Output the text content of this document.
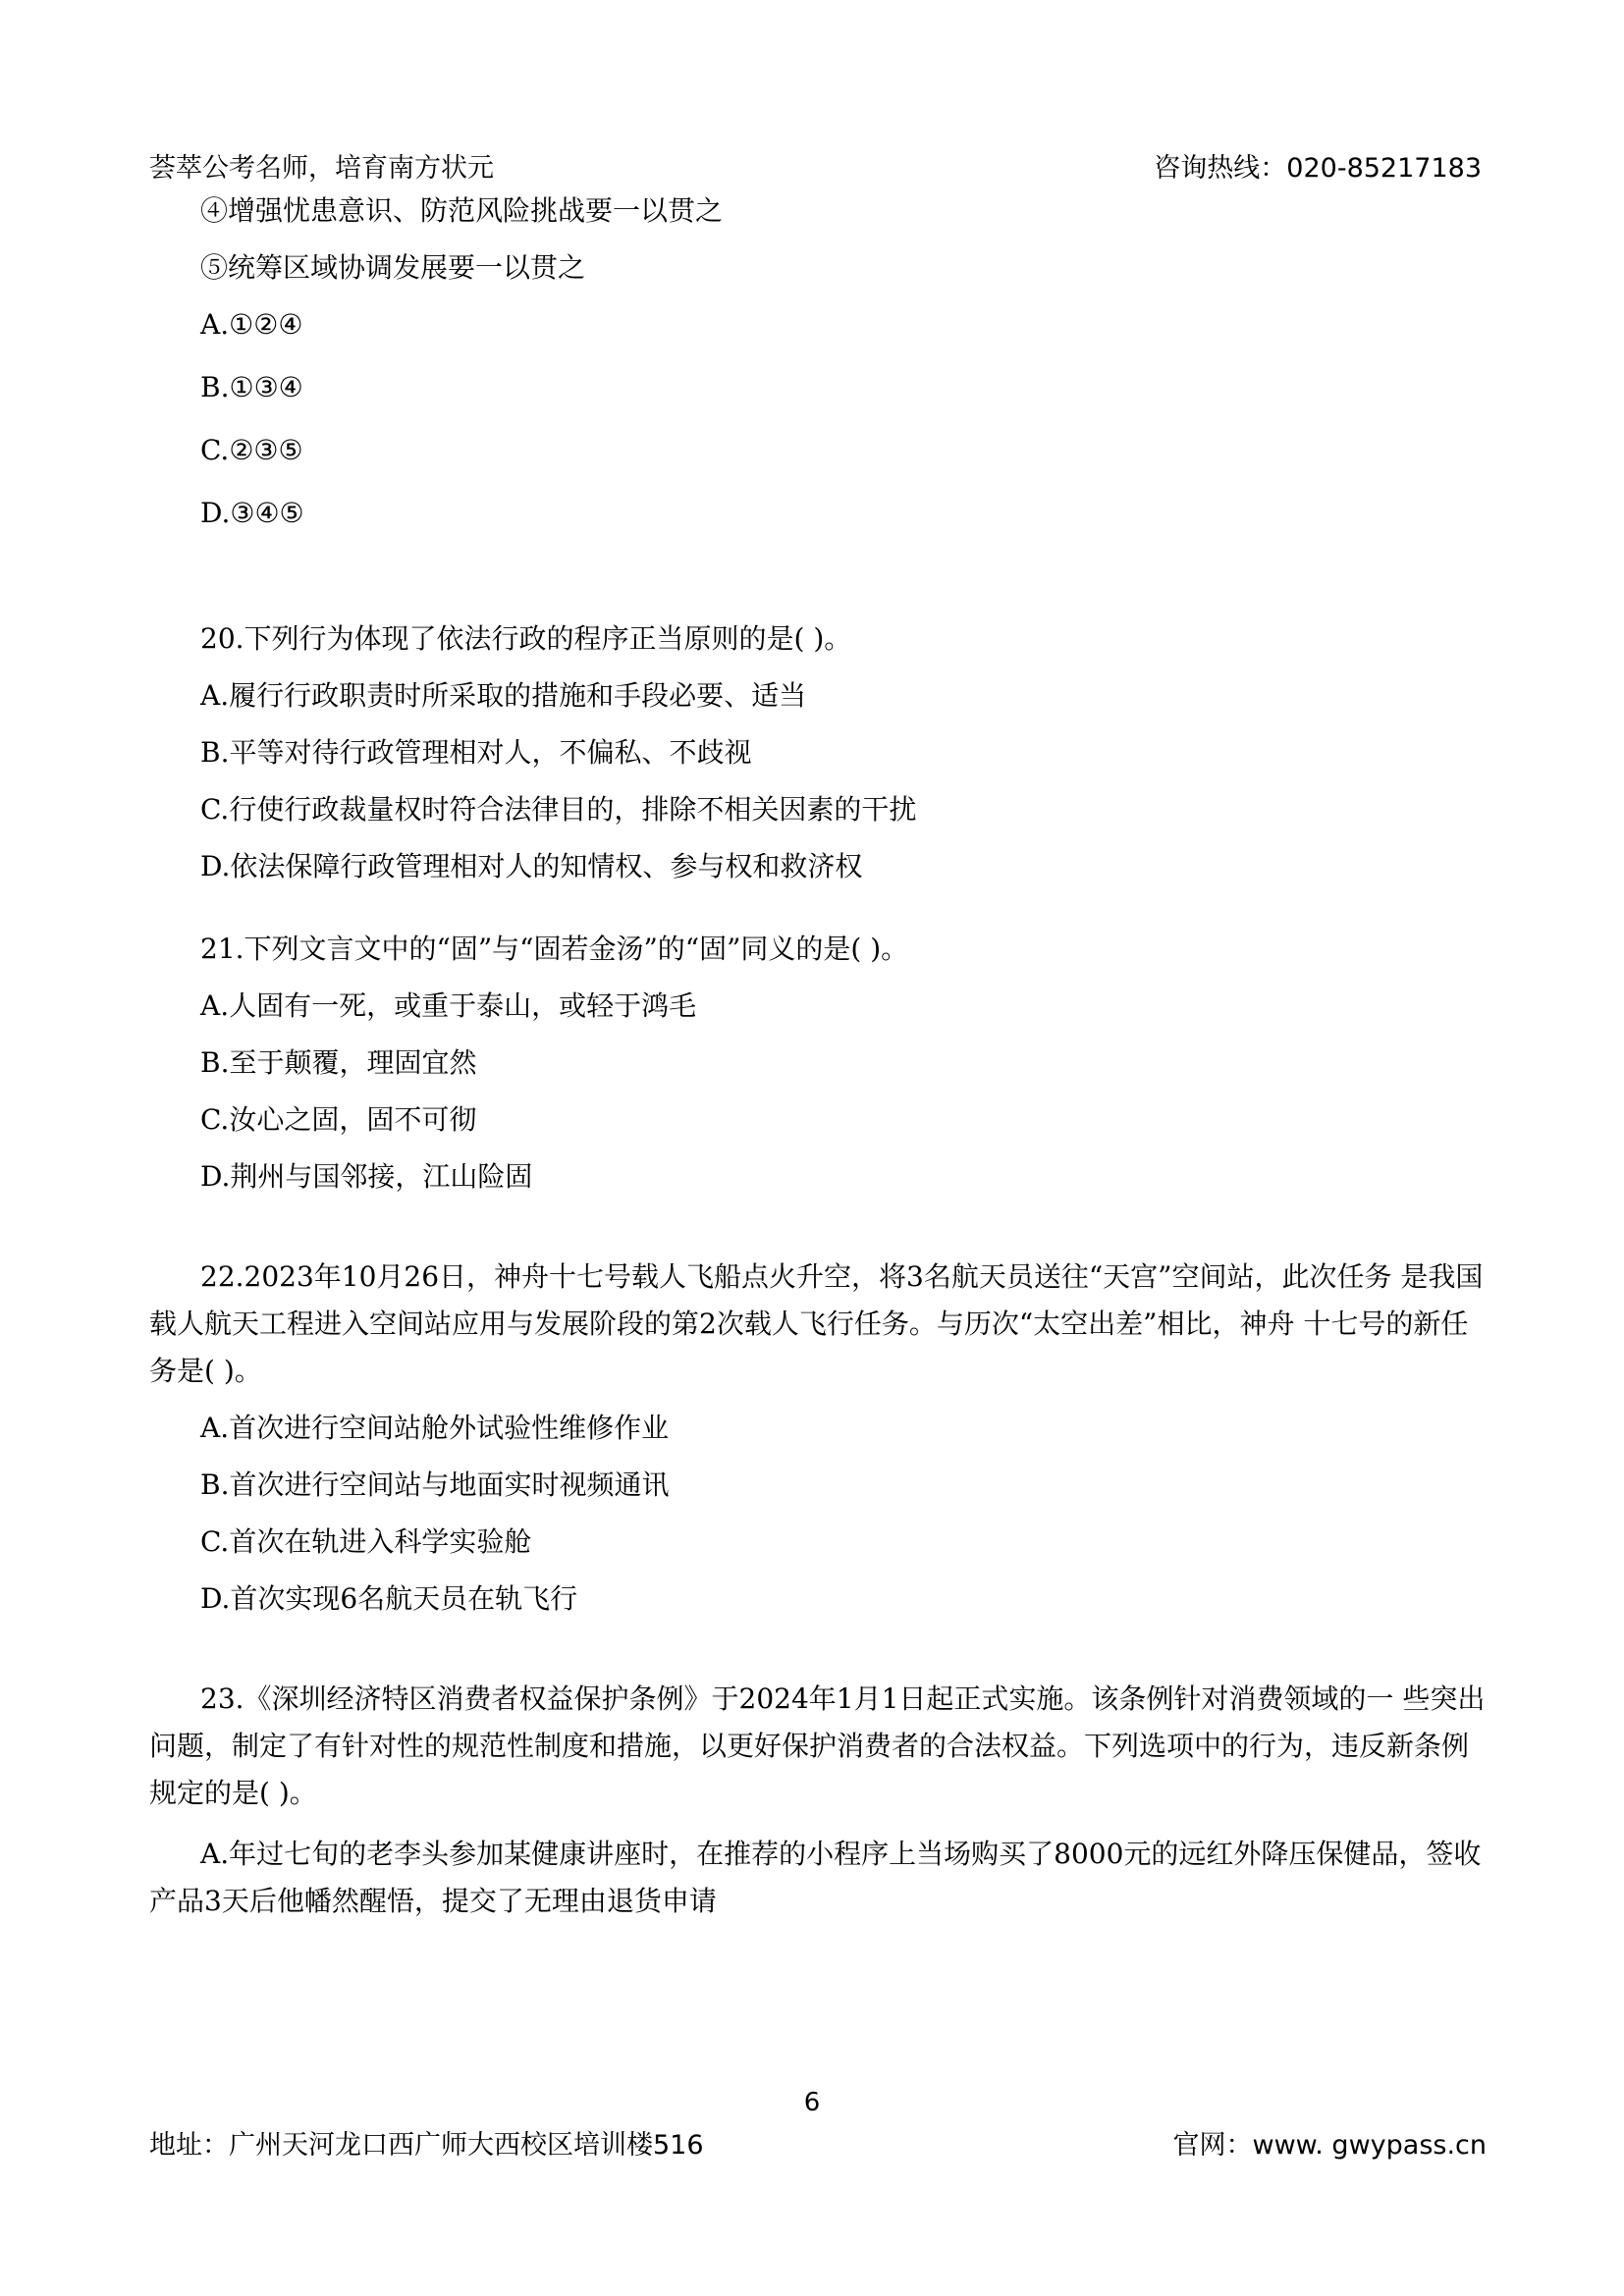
荟萃公考名师，培育南方状元	咨询热线：020-85217183
④增强忧患意识、防范风险挑战要一以贯之
⑤统筹区域协调发展要一以贯之
A.①②④
B.①③④
C.②③⑤
D.③④⑤
20.下列行为体现了依法行政的程序正当原则的是( )。
A.履行行政职责时所采取的措施和手段必要、适当
B.平等对待行政管理相对人，不偏私、不歧视
C.行使行政裁量权时符合法律目的，排除不相关因素的干扰
D.依法保障行政管理相对人的知情权、参与权和救济权
21.下列文言文中的“固”与“固若金汤”的“固”同义的是( )。
A.人固有一死，或重于泰山，或轻于鸿毛
B.至于颠覆，理固宜然
C.汝心之固，固不可彻
D.荆州与国邻接，江山险固
22.2023年10月26日，神舟十七号载人飞船点火升空，将3名航天员送往“天宫”空间站，此次任务 是我国载人航天工程进入空间站应用与发展阶段的第2次载人飞行任务。与历次“太空出差”相比，神舟 十七号的新任务是( )。
A.首次进行空间站舱外试验性维修作业
B.首次进行空间站与地面实时视频通讯
C.首次在轨进入科学实验舱
D.首次实现6名航天员在轨飞行
23.《深圳经济特区消费者权益保护条例》于2024年1月1日起正式实施。该条例针对消费领域的一 些突出问题，制定了有针对性的规范性制度和措施，以更好保护消费者的合法权益。下列选项中的行为，违反新条例规定的是( )。
A.年过七旬的老李头参加某健康讲座时，在推荐的小程序上当场购买了8000元的远红外降压保健品，签收产品3天后他幡然醒悟，提交了无理由退货申请
6
地址：广州天河龙口西广师大西校区培训楼516	官网：www. gwypass.cn
